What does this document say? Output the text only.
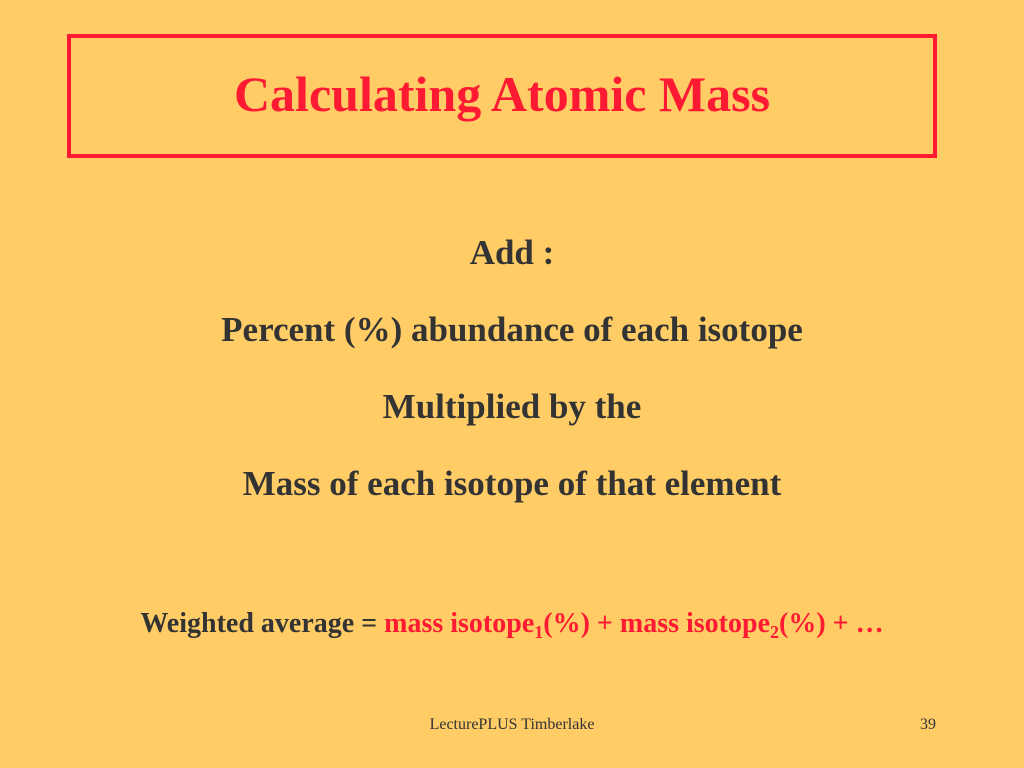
Calculating Atomic Mass
Add :
Percent (%) abundance of each isotope
Multiplied by the
Mass of each isotope of that element
Weighted average = mass isotope$_1$(%) + mass isotope$_2$(%) + …
LecturePLUS Timberlake	39
